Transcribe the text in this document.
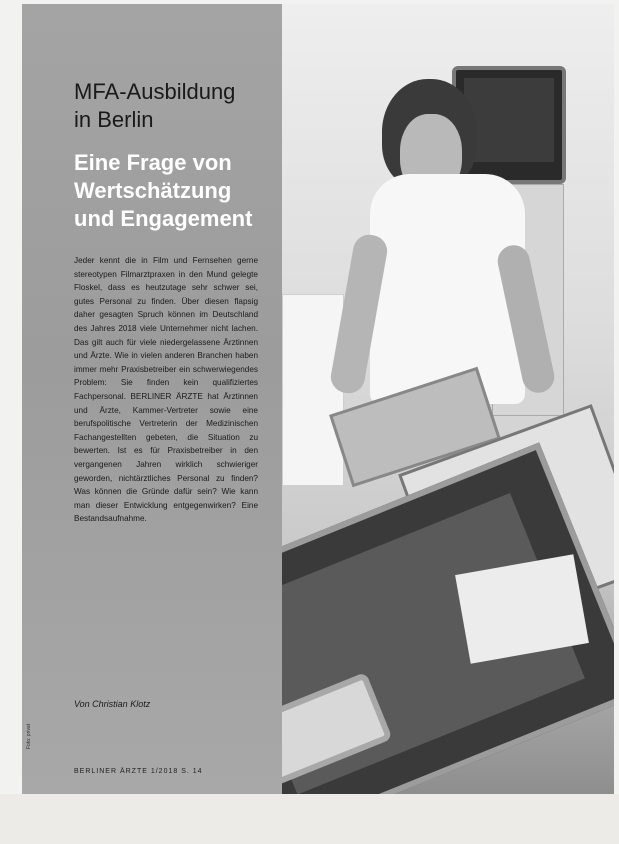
MFA-Ausbildung
in Berlin
Eine Frage von
Wertschätzung
und Engagement

Jeder kennt die in Film und Fernsehen gerne stereotypen Filmarztpraxen in den Mund gelegte Floskel, dass es heutzutage sehr schwer sei, gutes Personal zu finden. Über diesen flapsig daher gesagten Spruch können im Deutschland des Jahres 2018 viele Unternehmer nicht lachen. Das gilt auch für viele niedergelassene Ärztinnen und Ärzte. Wie in vielen anderen Branchen haben immer mehr Praxisbetreiber ein schwerwiegendes Problem: Sie finden kein qualifiziertes Fachpersonal. BERLINER ÄRZTE hat Ärztinnen und Ärzte, Kammer-Vertreter sowie eine berufspolitische Vertreterin der Medizinischen Fachangestellten gebeten, die Situation zu bewerten. Ist es für Praxisbetreiber in den vergangenen Jahren wirklich schwieriger geworden, nichtärztliches Personal zu finden? Was können die Gründe dafür sein? Wie kann man dieser Entwicklung entgegenwirken? Eine Bestandsaufnahme.

Von Christian Klotz

BERLINER ÄRZTE 1/2018 S. 14

Foto: privat
